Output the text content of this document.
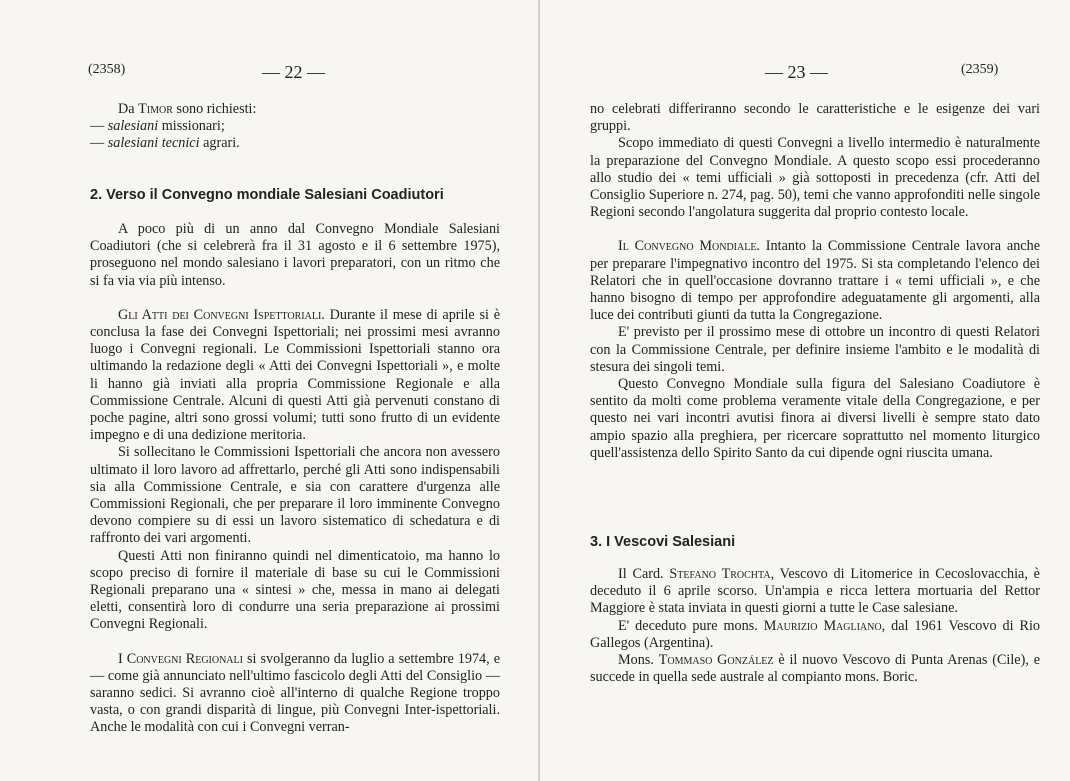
(2358)	— 22 —

Da Timor sono richiesti:

— salesiani missionari;

— salesiani tecnici agrari.

2. Verso il Convegno mondiale Salesiani Coadiutori

A poco più di un anno dal Convegno Mondiale Salesiani Coadiutori (che si celebrerà fra il 31 agosto e il 6 settembre 1975), proseguono nel mondo salesiano i lavori preparatori, con un ritmo che si fa via via più intenso.

Gli Atti dei Convegni Ispettoriali. Durante il mese di aprile si è conclusa la fase dei Convegni Ispettoriali; nei prossimi mesi avranno luogo i Convegni regionali. Le Commissioni Ispettoriali stanno ora ultimando la redazione degli « Atti dei Convegni Ispettoriali », e molte li hanno già inviati alla propria Commissione Regionale e alla Commissione Centrale. Alcuni di questi Atti già pervenuti constano di poche pagine, altri sono grossi volumi; tutti sono frutto di un evidente impegno e di una dedizione meritoria.

Si sollecitano le Commissioni Ispettoriali che ancora non avessero ultimato il loro lavoro ad affrettarlo, perché gli Atti sono indispensabili sia alla Commissione Centrale, e sia con carattere d'urgenza alle Commissioni Regionali, che per preparare il loro imminente Convegno devono compiere su di essi un lavoro sistematico di schedatura e di raffronto dei vari argomenti.

Questi Atti non finiranno quindi nel dimenticatoio, ma hanno lo scopo preciso di fornire il materiale di base su cui le Commissioni Regionali preparano una « sintesi » che, messa in mano ai delegati eletti, consentirà loro di condurre una seria preparazione ai prossimi Convegni Regionali.

I Convegni Regionali si svolgeranno da luglio a settembre 1974, e — come già annunciato nell'ultimo fascicolo degli Atti del Consiglio — saranno sedici. Si avranno cioè all'interno di qualche Regione troppo vasta, o con grandi disparità di lingue, più Convegni Inter-ispettoriali. Anche le modalità con cui i Convegni verran-

— 23 —	(2359)

no celebrati differiranno secondo le caratteristiche e le esigenze dei vari gruppi.

Scopo immediato di questi Convegni a livello intermedio è naturalmente la preparazione del Convegno Mondiale. A questo scopo essi procederanno allo studio dei « temi ufficiali » già sottoposti in precedenza (cfr. Atti del Consiglio Superiore n. 274, pag. 50), temi che vanno approfonditi nelle singole Regioni secondo l'angolatura suggerita dal proprio contesto locale.

Il Convegno Mondiale. Intanto la Commissione Centrale lavora anche per preparare l'impegnativo incontro del 1975. Si sta completando l'elenco dei Relatori che in quell'occasione dovranno trattare i « temi ufficiali », e che hanno bisogno di tempo per approfondire adeguatamente gli argomenti, alla luce dei contributi giunti da tutta la Congregazione.

E' previsto per il prossimo mese di ottobre un incontro di questi Relatori con la Commissione Centrale, per definire insieme l'ambito e le modalità di stesura dei singoli temi.

Questo Convegno Mondiale sulla figura del Salesiano Coadiutore è sentito da molti come problema veramente vitale della Congregazione, e per questo nei vari incontri avutisi finora ai diversi livelli è sempre stato dato ampio spazio alla preghiera, per ricercare soprattutto nel momento liturgico quell'assistenza dello Spirito Santo da cui dipende ogni riuscita umana.

3. I Vescovi Salesiani

Il Card. Stefano Trochta, Vescovo di Litomerice in Cecoslovacchia, è deceduto il 6 aprile scorso. Un'ampia e ricca lettera mortuaria del Rettor Maggiore è stata inviata in questi giorni a tutte le Case salesiane.

E' deceduto pure mons. Maurizio Magliano, dal 1961 Vescovo di Rio Gallegos (Argentina).

Mons. Tommaso González è il nuovo Vescovo di Punta Arenas (Cile), e succede in quella sede australe al compianto mons. Boric.
